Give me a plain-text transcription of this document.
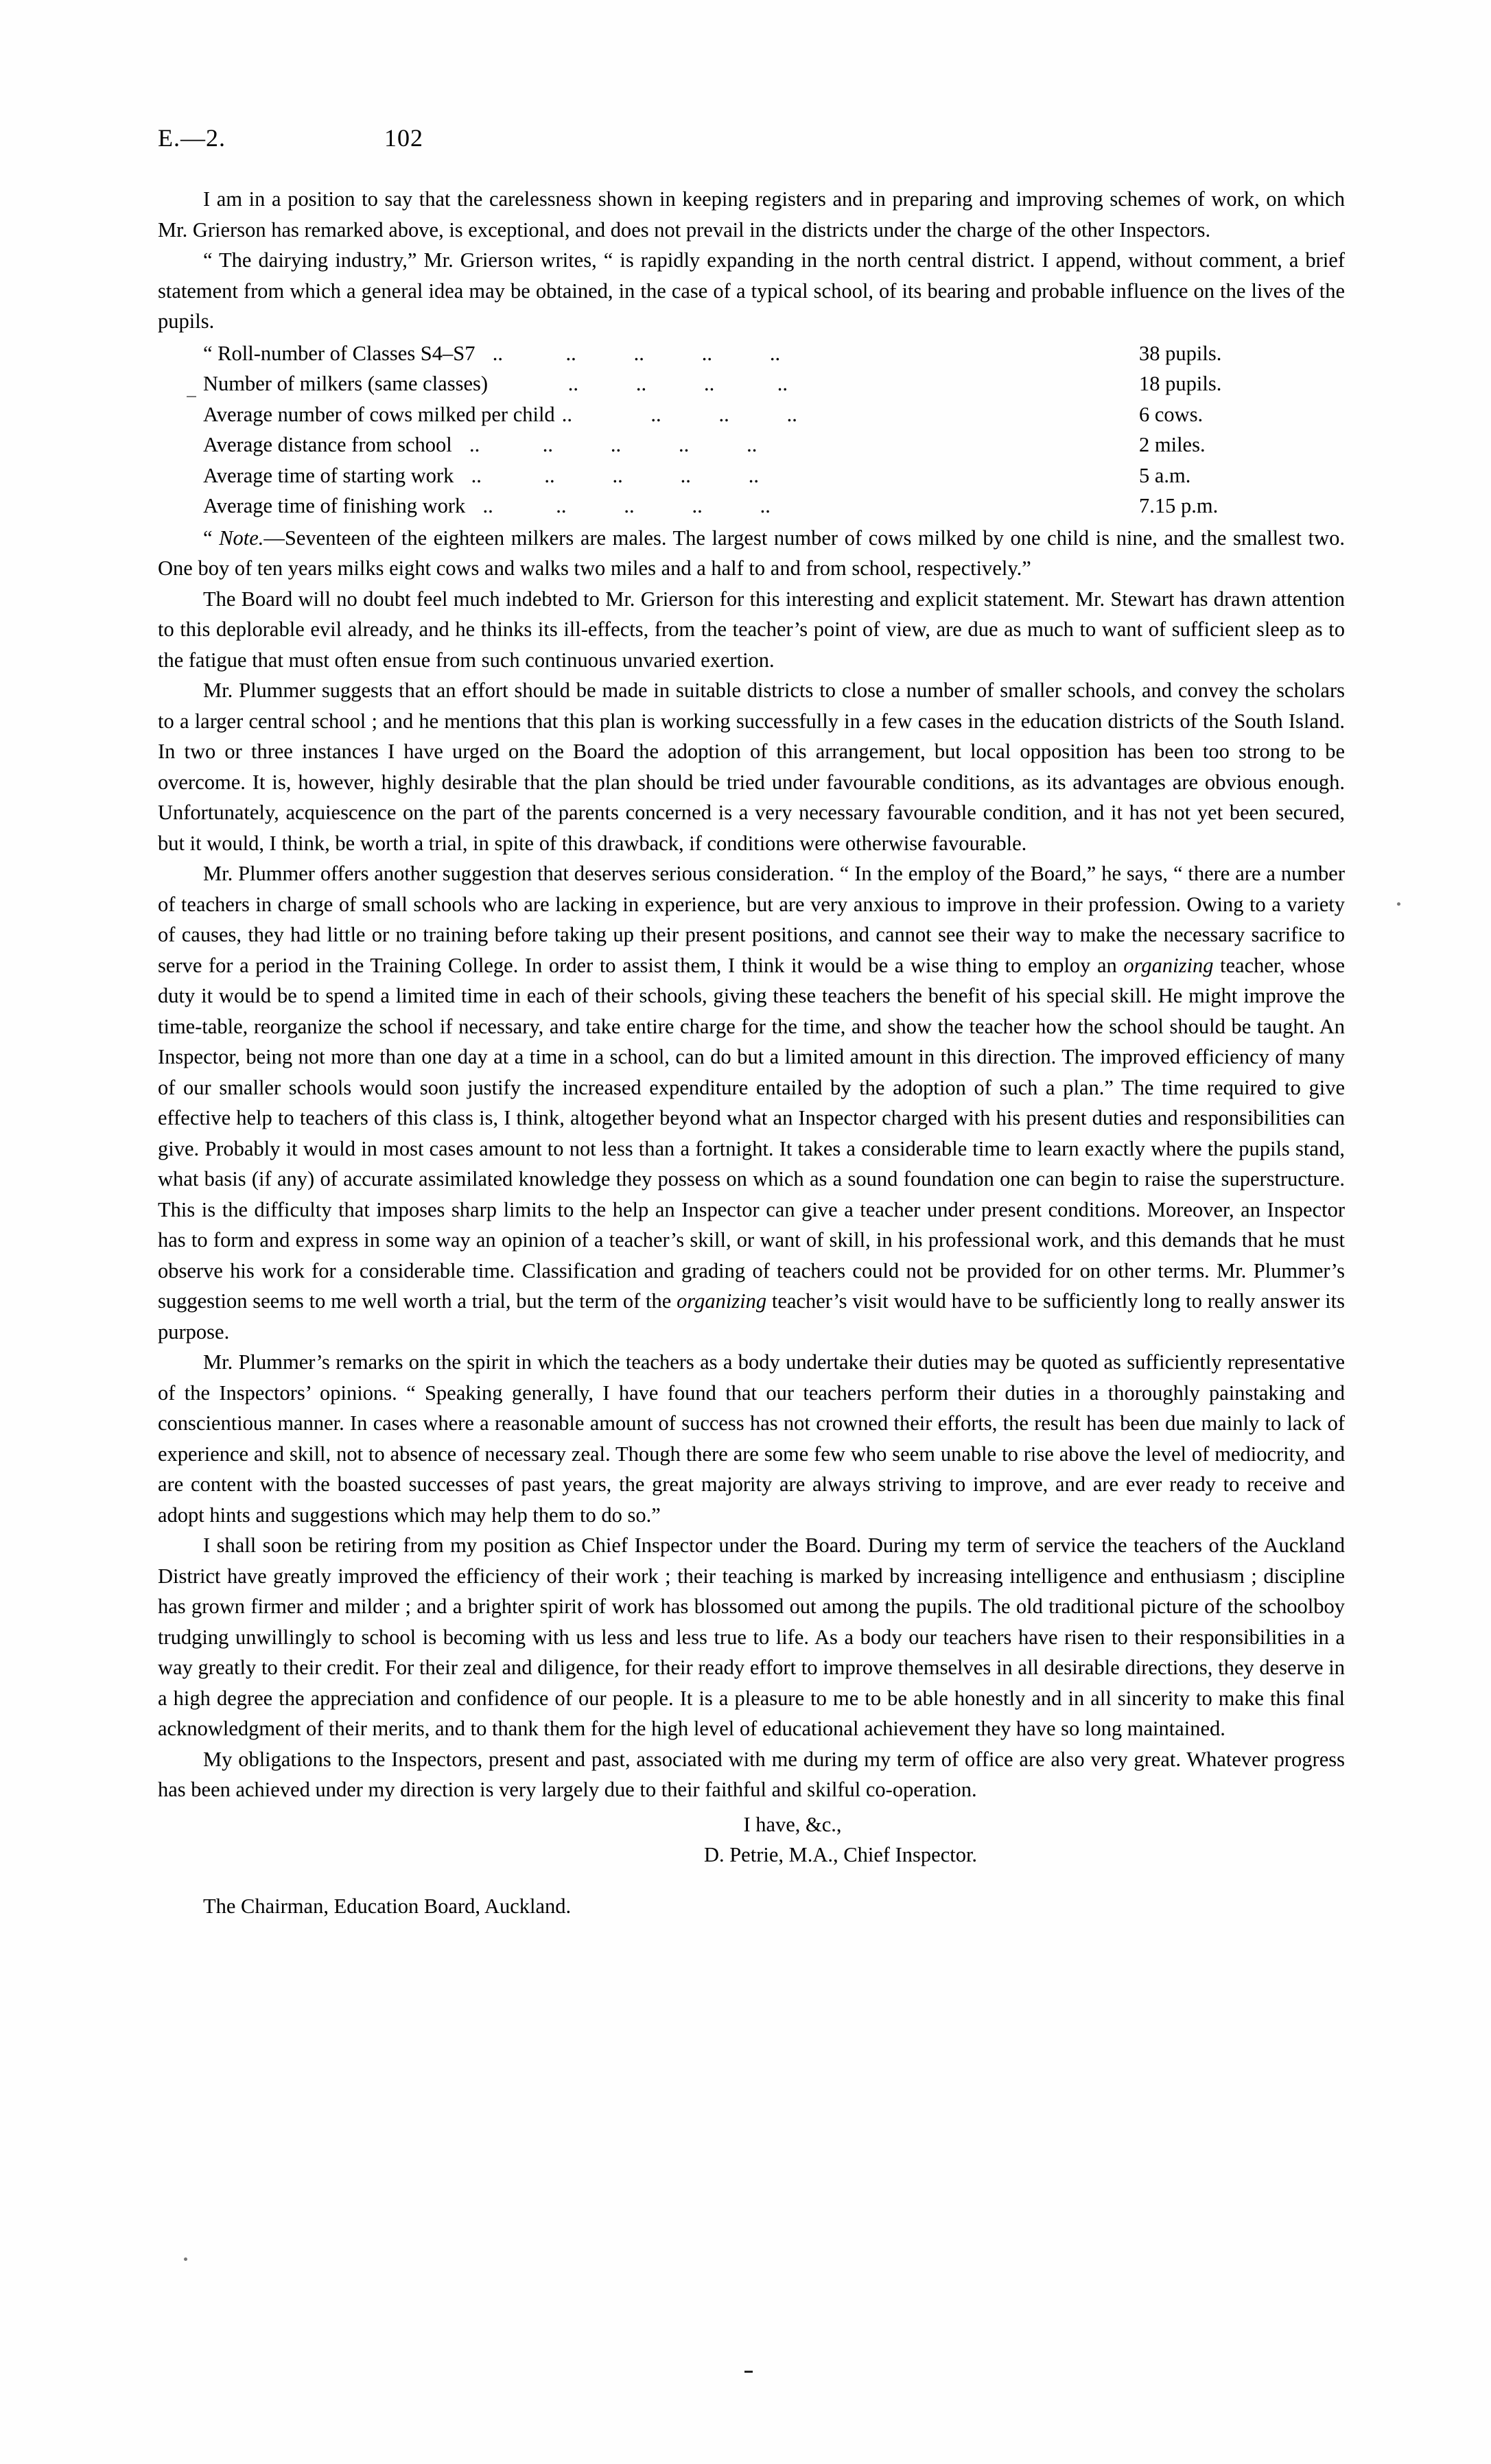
E.—2.	102

I am in a position to say that the carelessness shown in keeping registers and in preparing and improving schemes of work, on which Mr. Grierson has remarked above, is exceptional, and does not prevail in the districts under the charge of the other Inspectors.

“ The dairying industry,” Mr. Grierson writes, “ is rapidly expanding in the north central district. I append, without comment, a brief statement from which a general idea may be obtained, in the case of a typical school, of its bearing and probable influence on the lives of the pupils.

“ Roll-number of Classes S4–S7 ..            ..           ..           ..           ..	38 pupils.
Number of milkers (same classes) ..           ..           ..            ..	18 pupils.
Average number of cows milked per child ..               ..           ..           ..	6 cows.
Average distance from school ..            ..           ..           ..           ..	2 miles.
Average time of starting work ..            ..           ..           ..           ..	5 a.m.
Average time of finishing work ..            ..           ..           ..           ..	7.15 p.m.

“ Note.—Seventeen of the eighteen milkers are males. The largest number of cows milked by one child is nine, and the smallest two. One boy of ten years milks eight cows and walks two miles and a half to and from school, respectively.”

The Board will no doubt feel much indebted to Mr. Grierson for this interesting and explicit statement. Mr. Stewart has drawn attention to this deplorable evil already, and he thinks its ill-effects, from the teacher’s point of view, are due as much to want of sufficient sleep as to the fatigue that must often ensue from such continuous unvaried exertion.

Mr. Plummer suggests that an effort should be made in suitable districts to close a number of smaller schools, and convey the scholars to a larger central school ; and he mentions that this plan is working successfully in a few cases in the education districts of the South Island. In two or three instances I have urged on the Board the adoption of this arrangement, but local opposition has been too strong to be overcome. It is, however, highly desirable that the plan should be tried under favourable conditions, as its advantages are obvious enough. Unfortunately, acquiescence on the part of the parents concerned is a very necessary favourable condition, and it has not yet been secured, but it would, I think, be worth a trial, in spite of this drawback, if conditions were otherwise favourable.

Mr. Plummer offers another suggestion that deserves serious consideration. “ In the employ of the Board,” he says, “ there are a number of teachers in charge of small schools who are lacking in experience, but are very anxious to improve in their profession. Owing to a variety of causes, they had little or no training before taking up their present positions, and cannot see their way to make the necessary sacrifice to serve for a period in the Training College. In order to assist them, I think it would be a wise thing to employ an organizing teacher, whose duty it would be to spend a limited time in each of their schools, giving these teachers the benefit of his special skill. He might improve the time-table, reorganize the school if necessary, and take entire charge for the time, and show the teacher how the school should be taught. An Inspector, being not more than one day at a time in a school, can do but a limited amount in this direction. The improved efficiency of many of our smaller schools would soon justify the increased expenditure entailed by the adoption of such a plan.” The time required to give effective help to teachers of this class is, I think, altogether beyond what an Inspector charged with his present duties and responsibilities can give. Probably it would in most cases amount to not less than a fortnight. It takes a considerable time to learn exactly where the pupils stand, what basis (if any) of accurate assimilated knowledge they possess on which as a sound foundation one can begin to raise the superstructure. This is the difficulty that imposes sharp limits to the help an Inspector can give a teacher under present conditions. Moreover, an Inspector has to form and express in some way an opinion of a teacher’s skill, or want of skill, in his professional work, and this demands that he must observe his work for a considerable time. Classification and grading of teachers could not be provided for on other terms. Mr. Plummer’s suggestion seems to me well worth a trial, but the term of the organizing teacher’s visit would have to be sufficiently long to really answer its purpose.

Mr. Plummer’s remarks on the spirit in which the teachers as a body undertake their duties may be quoted as sufficiently representative of the Inspectors’ opinions. “ Speaking generally, I have found that our teachers perform their duties in a thoroughly painstaking and conscientious manner. In cases where a reasonable amount of success has not crowned their efforts, the result has been due mainly to lack of experience and skill, not to absence of necessary zeal. Though there are some few who seem unable to rise above the level of mediocrity, and are content with the boasted successes of past years, the great majority are always striving to improve, and are ever ready to receive and adopt hints and suggestions which may help them to do so.”

I shall soon be retiring from my position as Chief Inspector under the Board. During my term of service the teachers of the Auckland District have greatly improved the efficiency of their work ; their teaching is marked by increasing intelligence and enthusiasm ; discipline has grown firmer and milder ; and a brighter spirit of work has blossomed out among the pupils. The old traditional picture of the schoolboy trudging unwillingly to school is becoming with us less and less true to life. As a body our teachers have risen to their responsibilities in a way greatly to their credit. For their zeal and diligence, for their ready effort to improve themselves in all desirable directions, they deserve in a high degree the appreciation and confidence of our people. It is a pleasure to me to be able honestly and in all sincerity to make this final acknowledgment of their merits, and to thank them for the high level of educational achievement they have so long maintained.

My obligations to the Inspectors, present and past, associated with me during my term of office are also very great. Whatever progress has been achieved under my direction is very largely due to their faithful and skilful co-operation.

I have, &c.,
D. Petrie, M.A., Chief Inspector.
The Chairman, Education Board, Auckland.
